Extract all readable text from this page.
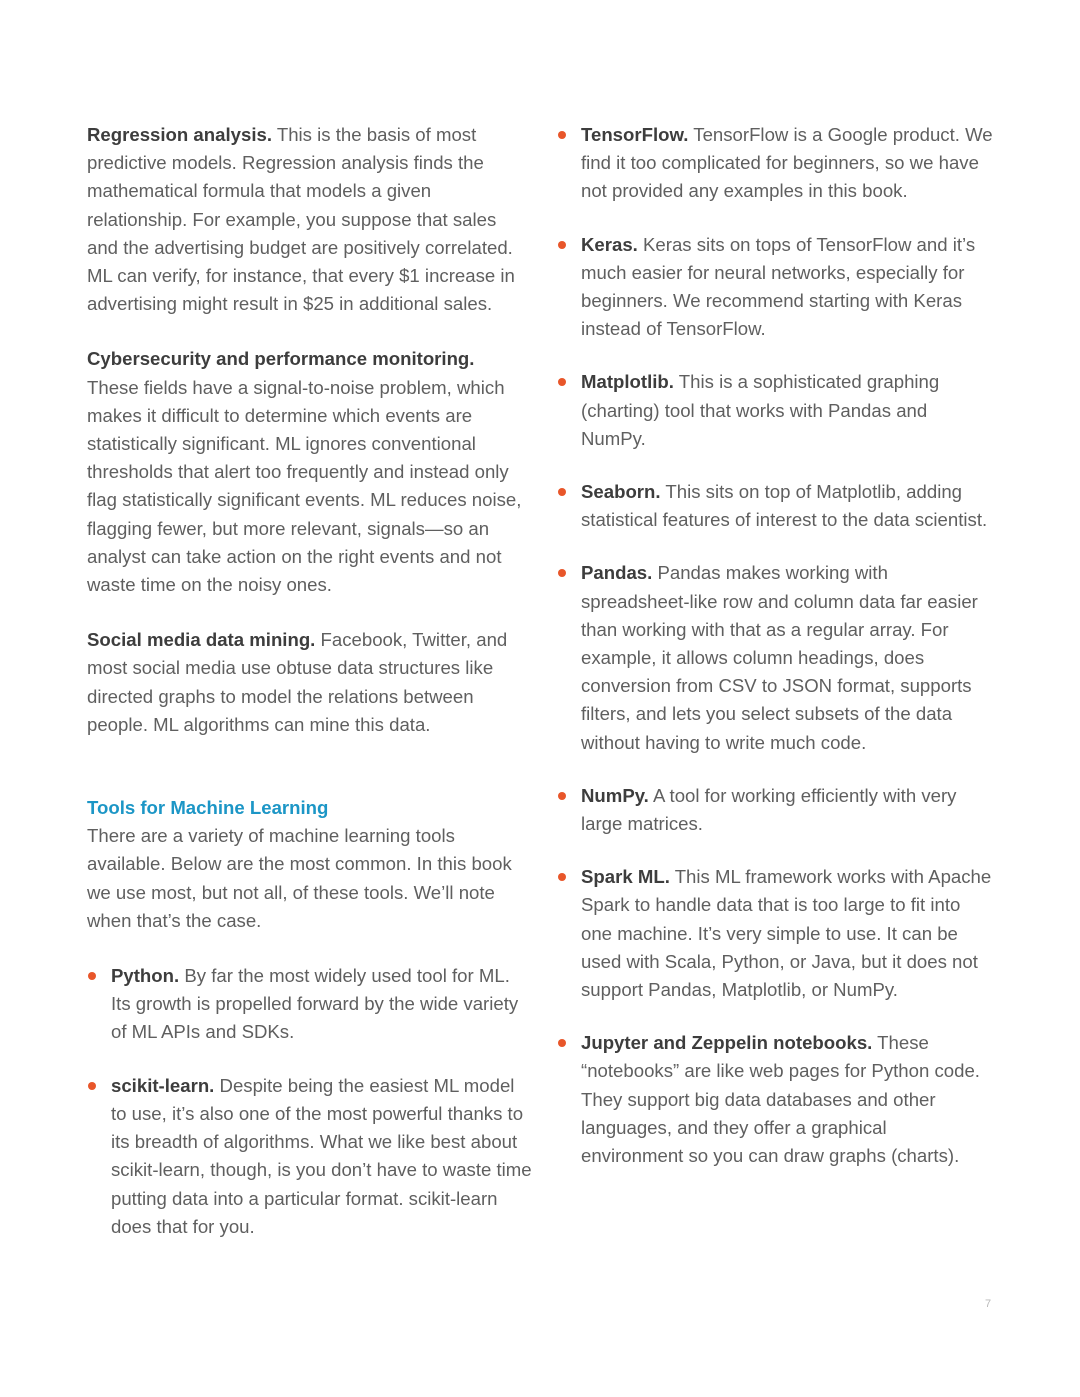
Regression analysis. This is the basis of most predictive models. Regression analysis finds the mathematical formula that models a given relationship. For example, you suppose that sales and the advertising budget are positively correlated. ML can verify, for instance, that every $1 increase in advertising might result in $25 in additional sales.

Cybersecurity and performance monitoring.
These fields have a signal-to-noise problem, which makes it difficult to determine which events are statistically significant. ML ignores conventional thresholds that alert too frequently and instead only flag statistically significant events. ML reduces noise, flagging fewer, but more relevant, signals—so an analyst can take action on the right events and not waste time on the noisy ones.

Social media data mining. Facebook, Twitter, and most social media use obtuse data structures like directed graphs to model the relations between people. ML algorithms can mine this data.

Tools for Machine Learning

There are a variety of machine learning tools available. Below are the most common. In this book we use most, but not all, of these tools. We’ll note when that’s the case.

Python. By far the most widely used tool for ML. Its growth is propelled forward by the wide variety of ML APIs and SDKs.
scikit-learn. Despite being the easiest ML model to use, it’s also one of the most powerful thanks to its breadth of algorithms. What we like best about scikit-learn, though, is you don’t have to waste time putting data into a particular format. scikit-learn does that for you.
TensorFlow. TensorFlow is a Google product. We find it too complicated for beginners, so we have not provided any examples in this book.
Keras. Keras sits on tops of TensorFlow and it’s much easier for neural networks, especially for beginners. We recommend starting with Keras instead of TensorFlow.
Matplotlib. This is a sophisticated graphing (charting) tool that works with Pandas and NumPy.
Seaborn. This sits on top of Matplotlib, adding statistical features of interest to the data scientist.
Pandas. Pandas makes working with spreadsheet-like row and column data far easier than working with that as a regular array. For example, it allows column headings, does conversion from CSV to JSON format, supports filters, and lets you select subsets of the data without having to write much code.
NumPy. A tool for working efficiently with very large matrices.
Spark ML. This ML framework works with Apache Spark to handle data that is too large to fit into one machine. It’s very simple to use. It can be used with Scala, Python, or Java, but it does not support Pandas, Matplotlib, or NumPy.
Jupyter and Zeppelin notebooks. These “notebooks” are like web pages for Python code. They support big data databases and other languages, and they offer a graphical environment so you can draw graphs (charts).
7
